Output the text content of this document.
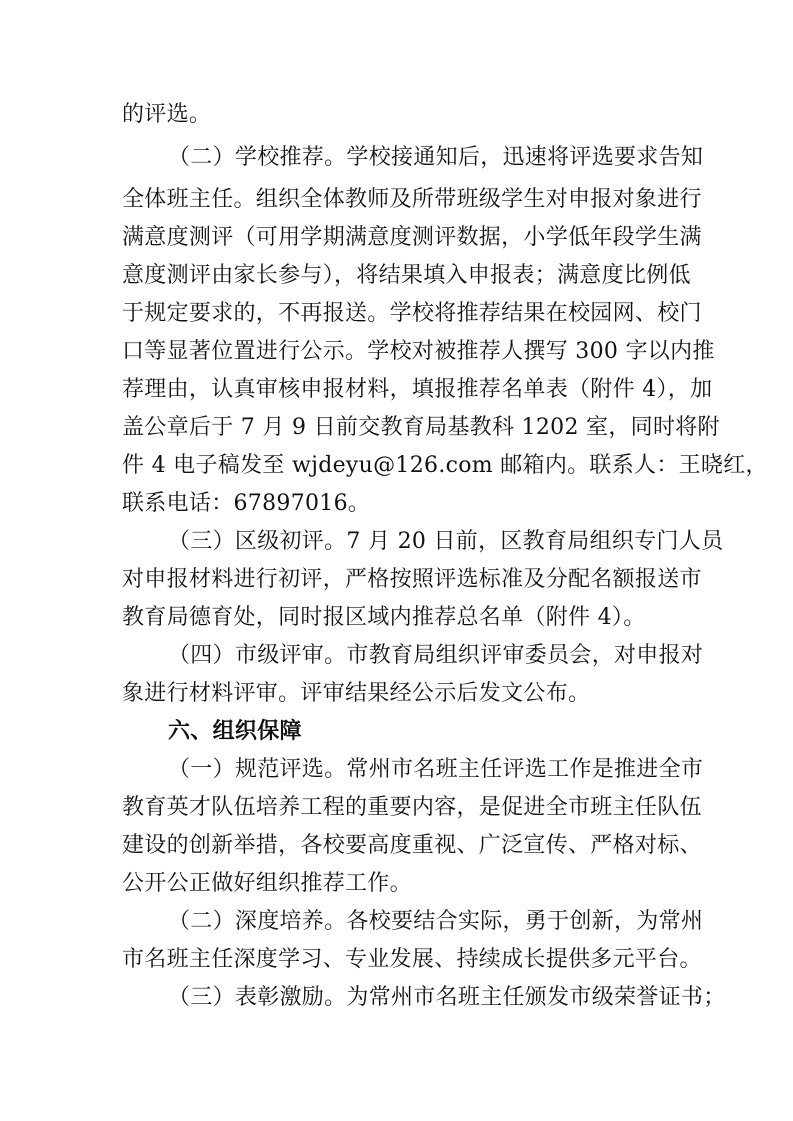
的评选。
（二）学校推荐。学校接通知后，迅速将评选要求告知
全体班主任。组织全体教师及所带班级学生对申报对象进行
满意度测评（可用学期满意度测评数据，小学低年段学生满
意度测评由家长参与），将结果填入申报表；满意度比例低
于规定要求的，不再报送。学校将推荐结果在校园网、校门
口等显著位置进行公示。学校对被推荐人撰写 300 字以内推
荐理由，认真审核申报材料，填报推荐名单表（附件 4），加
盖公章后于 7 月 9 日前交教育局基教科 1202 室，同时将附
件 4 电子稿发至 wjdeyu@126.com 邮箱内。联系人：王晓红，
联系电话：67897016。
（三）区级初评。7 月 20 日前，区教育局组织专门人员
对申报材料进行初评，严格按照评选标准及分配名额报送市
教育局德育处，同时报区域内推荐总名单（附件 4）。
（四）市级评审。市教育局组织评审委员会，对申报对
象进行材料评审。评审结果经公示后发文公布。
六、组织保障
（一）规范评选。常州市名班主任评选工作是推进全市
教育英才队伍培养工程的重要内容，是促进全市班主任队伍
建设的创新举措，各校要高度重视、广泛宣传、严格对标、
公开公正做好组织推荐工作。
（二）深度培养。各校要结合实际，勇于创新，为常州
市名班主任深度学习、专业发展、持续成长提供多元平台。
（三）表彰激励。为常州市名班主任颁发市级荣誉证书；
